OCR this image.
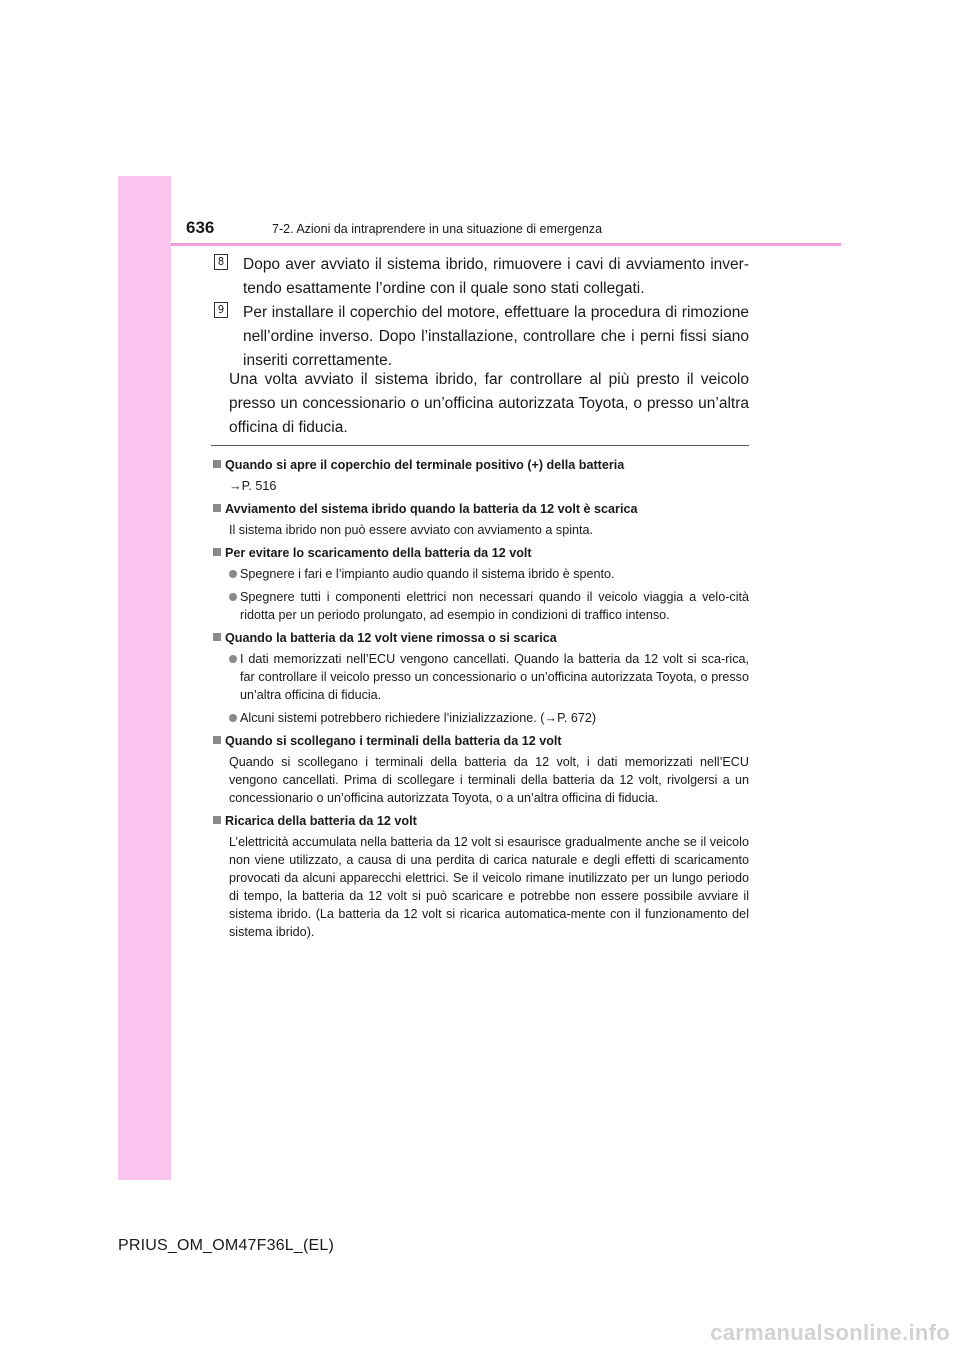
636	7-2. Azioni da intraprendere in una situazione di emergenza
8 Dopo aver avviato il sistema ibrido, rimuovere i cavi di avviamento inver-tendo esattamente l’ordine con il quale sono stati collegati.
9 Per installare il coperchio del motore, effettuare la procedura di rimozione nell’ordine inverso. Dopo l’installazione, controllare che i perni fissi siano inseriti correttamente.
Una volta avviato il sistema ibrido, far controllare al più presto il veicolo presso un concessionario o un’officina autorizzata Toyota, o presso un’altra officina di fiducia.

Quando si apre il coperchio del terminale positivo (+) della batteria

→P. 516

Avviamento del sistema ibrido quando la batteria da 12 volt è scarica

Il sistema ibrido non può essere avviato con avviamento a spinta.

Per evitare lo scaricamento della batteria da 12 volt

Spegnere i fari e l’impianto audio quando il sistema ibrido è spento.
Spegnere tutti i componenti elettrici non necessari quando il veicolo viaggia a velo-cità ridotta per un periodo prolungato, ad esempio in condizioni di traffico intenso.

Quando la batteria da 12 volt viene rimossa o si scarica

I dati memorizzati nell’ECU vengono cancellati. Quando la batteria da 12 volt si sca-rica, far controllare il veicolo presso un concessionario o un’officina autorizzata Toyota, o presso un’altra officina di fiducia.
Alcuni sistemi potrebbero richiedere l’inizializzazione. (→P. 672)

Quando si scollegano i terminali della batteria da 12 volt

Quando si scollegano i terminali della batteria da 12 volt, i dati memorizzati nell’ECU vengono cancellati. Prima di scollegare i terminali della batteria da 12 volt, rivolgersi a un concessionario o un’officina autorizzata Toyota, o a un’altra officina di fiducia.

Ricarica della batteria da 12 volt

L’elettricità accumulata nella batteria da 12 volt si esaurisce gradualmente anche se il veicolo non viene utilizzato, a causa di una perdita di carica naturale e degli effetti di scaricamento provocati da alcuni apparecchi elettrici. Se il veicolo rimane inutilizzato per un lungo periodo di tempo, la batteria da 12 volt si può scaricare e potrebbe non essere possibile avviare il sistema ibrido. (La batteria da 12 volt si ricarica automatica-mente con il funzionamento del sistema ibrido).
PRIUS_OM_OM47F36L_(EL)
carmanualsonline.info
